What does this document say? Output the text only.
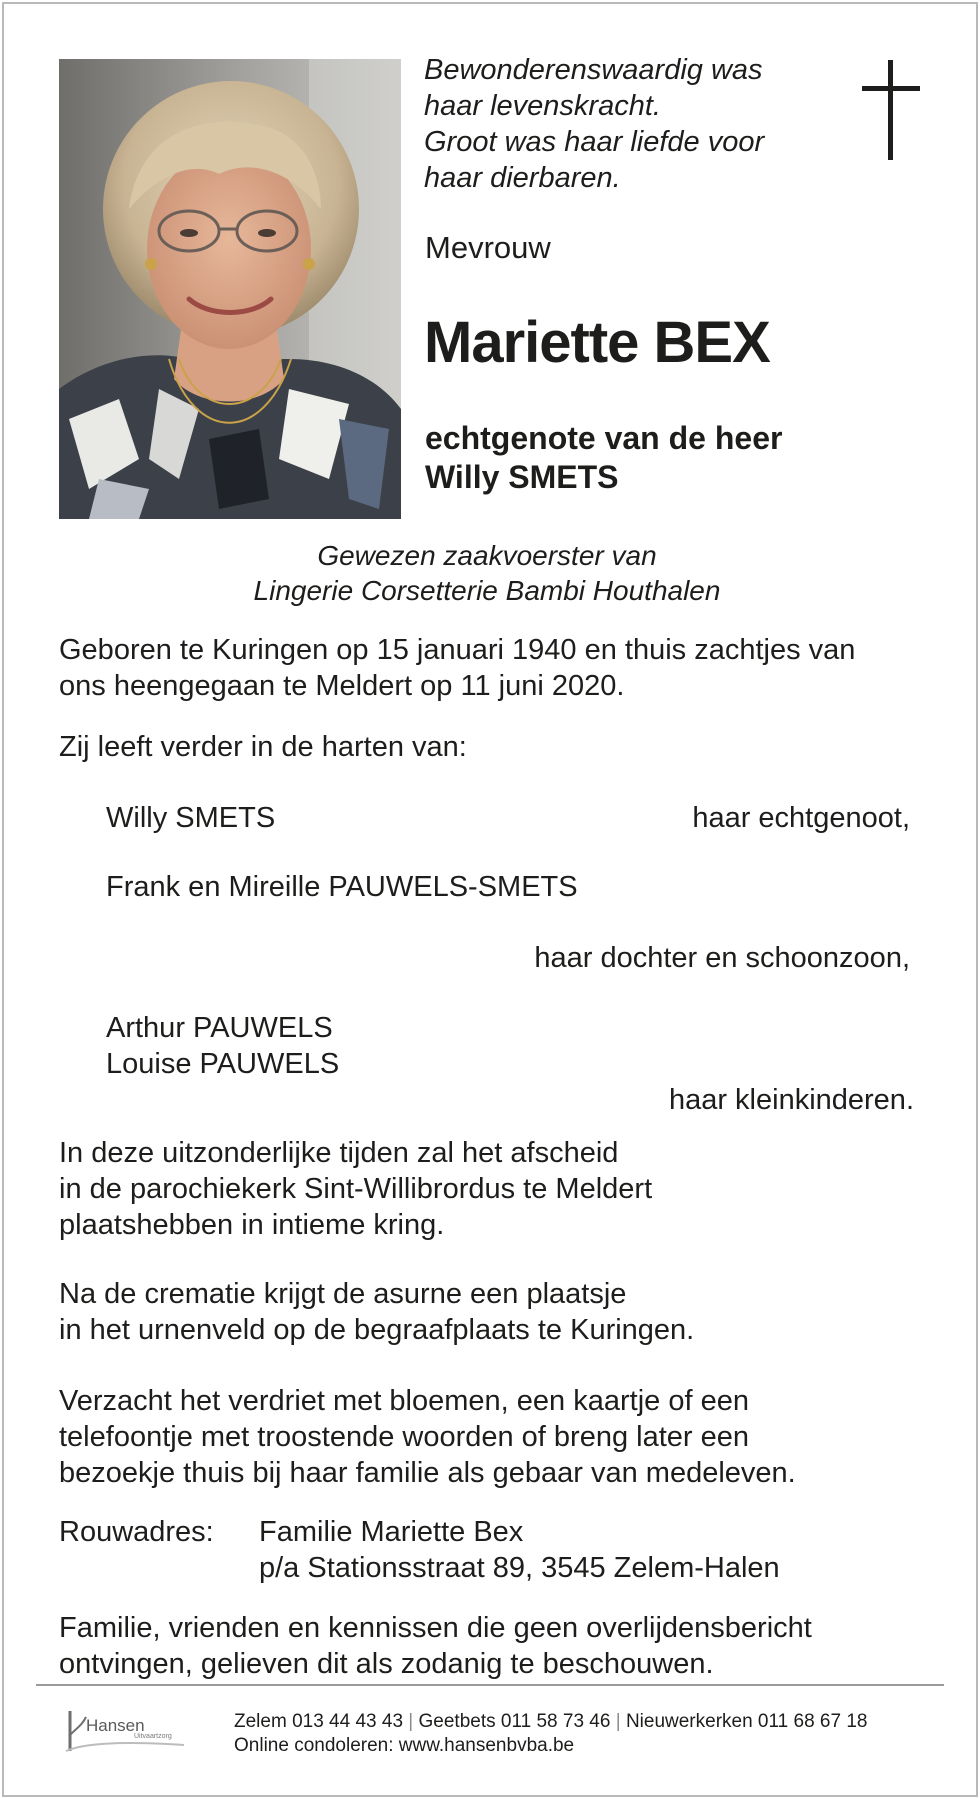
Bewonderenswaardig was
haar levenskracht.
Groot was haar liefde voor
haar dierbaren.
Mevrouw
Mariette BEX
echtgenote van de heer
Willy SMETS
Gewezen zaakvoerster van
Lingerie Corsetterie Bambi Houthalen
Geboren te Kuringen op 15 januari 1940 en thuis zachtjes van
ons heengegaan te Meldert op 11 juni 2020.
Zij leeft verder in de harten van:
Willy SMETS	haar echtgenoot,
Frank en Mireille PAUWELS-SMETS
haar dochter en schoonzoon,
Arthur PAUWELS
Louise PAUWELS
haar kleinkinderen.
In deze uitzonderlijke tijden zal het afscheid
in de parochiekerk Sint-Willibrordus te Meldert
plaatshebben in intieme kring.
Na de crematie krijgt de asurne een plaatsje
in het urnenveld op de begraafplaats te Kuringen.
Verzacht het verdriet met bloemen, een kaartje of een
telefoontje met troostende woorden of breng later een
bezoekje thuis bij haar familie als gebaar van medeleven.
Rouwadres: Familie Mariette Bex
p/a Stationsstraat 89, 3545 Zelem-Halen
Familie, vrienden en kennissen die geen overlijdensbericht
ontvingen, gelieven dit als zodanig te beschouwen.
Hansen
Uitvaartzorg
Zelem 013 44 43 43 | Geetbets 011 58 73 46 | Nieuwerkerken 011 68 67 18
Online condoleren: www.hansenbvba.be
